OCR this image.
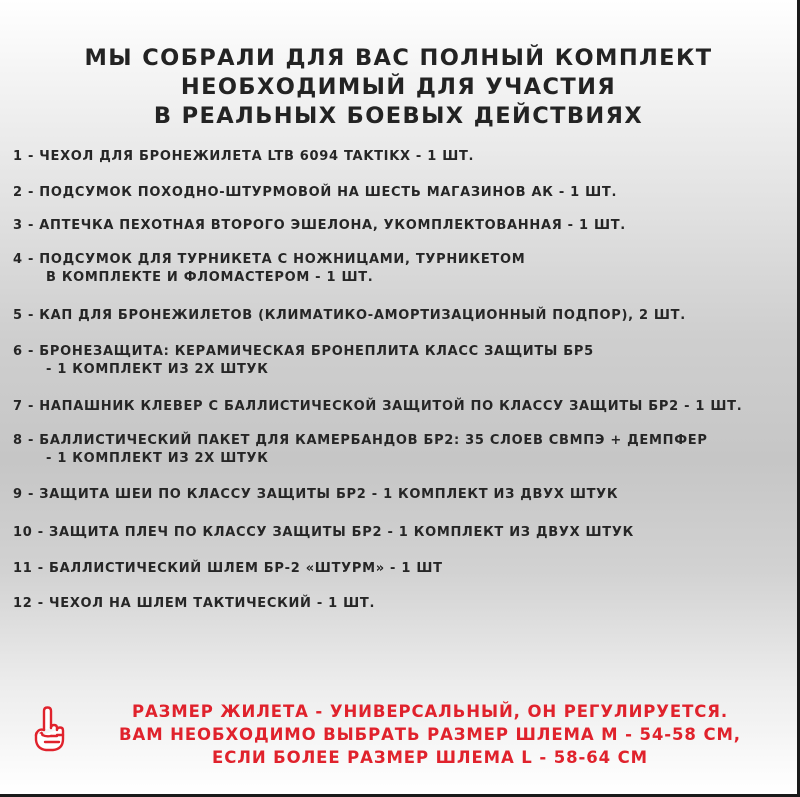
МЫ СОБРАЛИ ДЛЯ ВАС ПОЛНЫЙ КОМПЛЕКТ
НЕОБХОДИМЫЙ ДЛЯ УЧАСТИЯ
В РЕАЛЬНЫХ БОЕВЫХ ДЕЙСТВИЯХ
1 - ЧЕХОЛ ДЛЯ БРОНЕЖИЛЕТА LTB 6094 TAKTIKX - 1 ШТ.
2 - ПОДСУМОК ПОХОДНО-ШТУРМОВОЙ НА ШЕСТЬ МАГАЗИНОВ АК - 1 ШТ.
3 - АПТЕЧКА ПЕХОТНАЯ ВТОРОГО ЭШЕЛОНА, УКОМПЛЕКТОВАННАЯ - 1 ШТ.
4 - ПОДСУМОК ДЛЯ ТУРНИКЕТА С НОЖНИЦАМИ, ТУРНИКЕТОМ
В КОМПЛЕКТЕ И ФЛОМАСТЕРОМ - 1 ШТ.
5 - КАП ДЛЯ БРОНЕЖИЛЕТОВ (КЛИМАТИКО-АМОРТИЗАЦИОННЫЙ ПОДПОР), 2 ШТ.
6 - БРОНЕЗАЩИТА: КЕРАМИЧЕСКАЯ БРОНЕПЛИТА КЛАСС ЗАЩИТЫ БР5
- 1 КОМПЛЕКТ ИЗ 2Х ШТУК
7 - НАПАШНИК КЛЕВЕР С БАЛЛИСТИЧЕСКОЙ ЗАЩИТОЙ ПО КЛАССУ ЗАЩИТЫ БР2 - 1 ШТ.
8 - БАЛЛИСТИЧЕСКИЙ ПАКЕТ ДЛЯ КАМЕРБАНДОВ БР2: 35 СЛОЕВ СВМПЭ + ДЕМПФЕР
- 1 КОМПЛЕКТ ИЗ 2Х ШТУК
9 - ЗАЩИТА ШЕИ ПО КЛАССУ ЗАЩИТЫ БР2 - 1 КОМПЛЕКТ ИЗ ДВУХ ШТУК
10 - ЗАЩИТА ПЛЕЧ ПО КЛАССУ ЗАЩИТЫ БР2 - 1 КОМПЛЕКТ ИЗ ДВУХ ШТУК
11 - БАЛЛИСТИЧЕСКИЙ ШЛЕМ БР-2 «ШТУРМ» - 1 ШТ
12 - ЧЕХОЛ НА ШЛЕМ ТАКТИЧЕСКИЙ - 1 ШТ.
РАЗМЕР ЖИЛЕТА - УНИВЕРСАЛЬНЫЙ, ОН РЕГУЛИРУЕТСЯ.
ВАМ НЕОБХОДИМО ВЫБРАТЬ РАЗМЕР ШЛЕМА M - 54-58 СМ,
ЕСЛИ БОЛЕЕ РАЗМЕР ШЛЕМА L - 58-64 СМ
